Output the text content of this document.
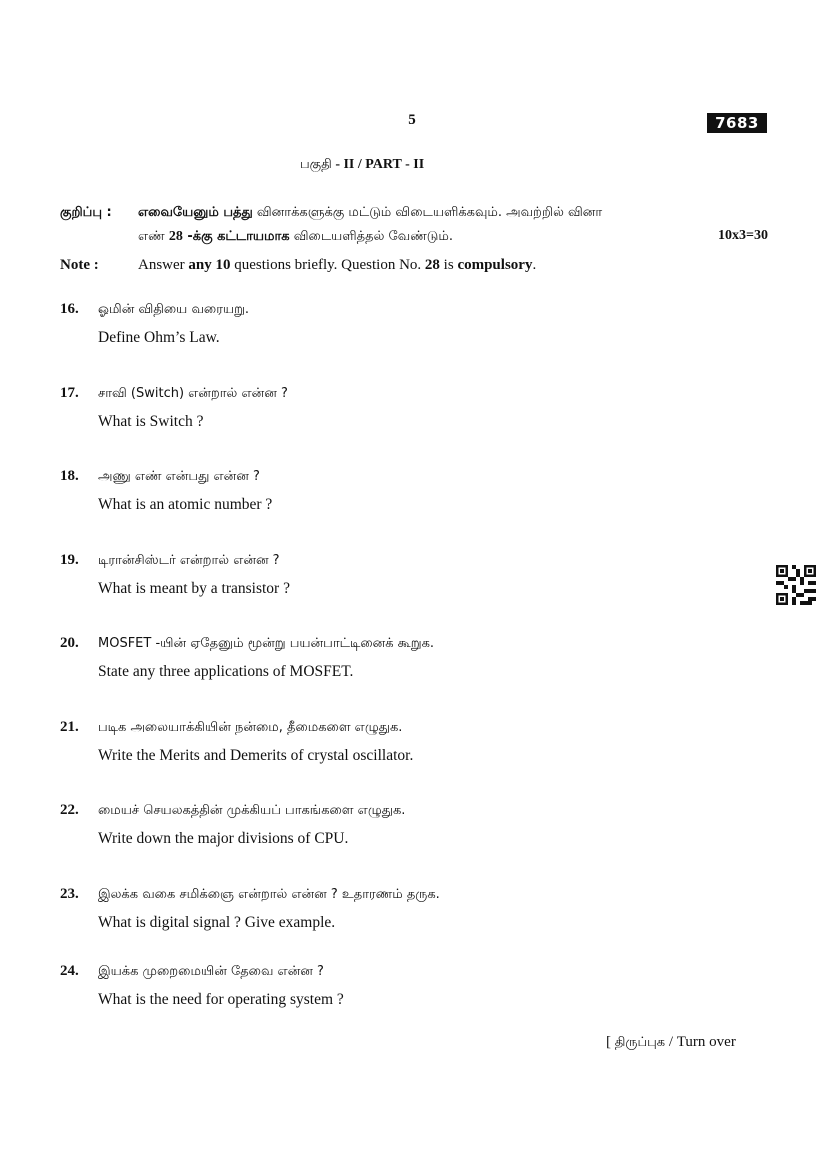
5	7683
பகுதி - II / PART - II
குறிப்பு : எவையேனும் பத்து வினாக்களுக்கு மட்டும் விடையளிக்கவும். அவற்றில் வினா
எண் 28 -க்கு கட்டாயமாக விடையளித்தல் வேண்டும்.	10x3=30
Note :	Answer any 10 questions briefly. Question No. 28 is compulsory.
16. ஓமின் விதியை வரையறு.
Define Ohm’s Law.
17. சாவி (Switch) என்றால் என்ன ?
What is Switch ?
18. அணு எண் என்பது என்ன ?
What is an atomic number ?
19. டிரான்சிஸ்டர் என்றால் என்ன ?
What is meant by a transistor ?
20. MOSFET -யின் ஏதேனும் மூன்று பயன்பாட்டினைக் கூறுக.
State any three applications of MOSFET.
21. படிக அலையாக்கியின் நன்மை, தீமைகளை எழுதுக.
Write the Merits and Demerits of crystal oscillator.
22. மையச் செயலகத்தின் முக்கியப் பாகங்களை எழுதுக.
Write down the major divisions of CPU.
23. இலக்க வகை சமிக்ஞை என்றால் என்ன ? உதாரணம் தருக.
What is digital signal ? Give example.
24. இயக்க முறைமையின் தேவை என்ன ?
What is the need for operating system ?
[ திருப்புக / Turn over
